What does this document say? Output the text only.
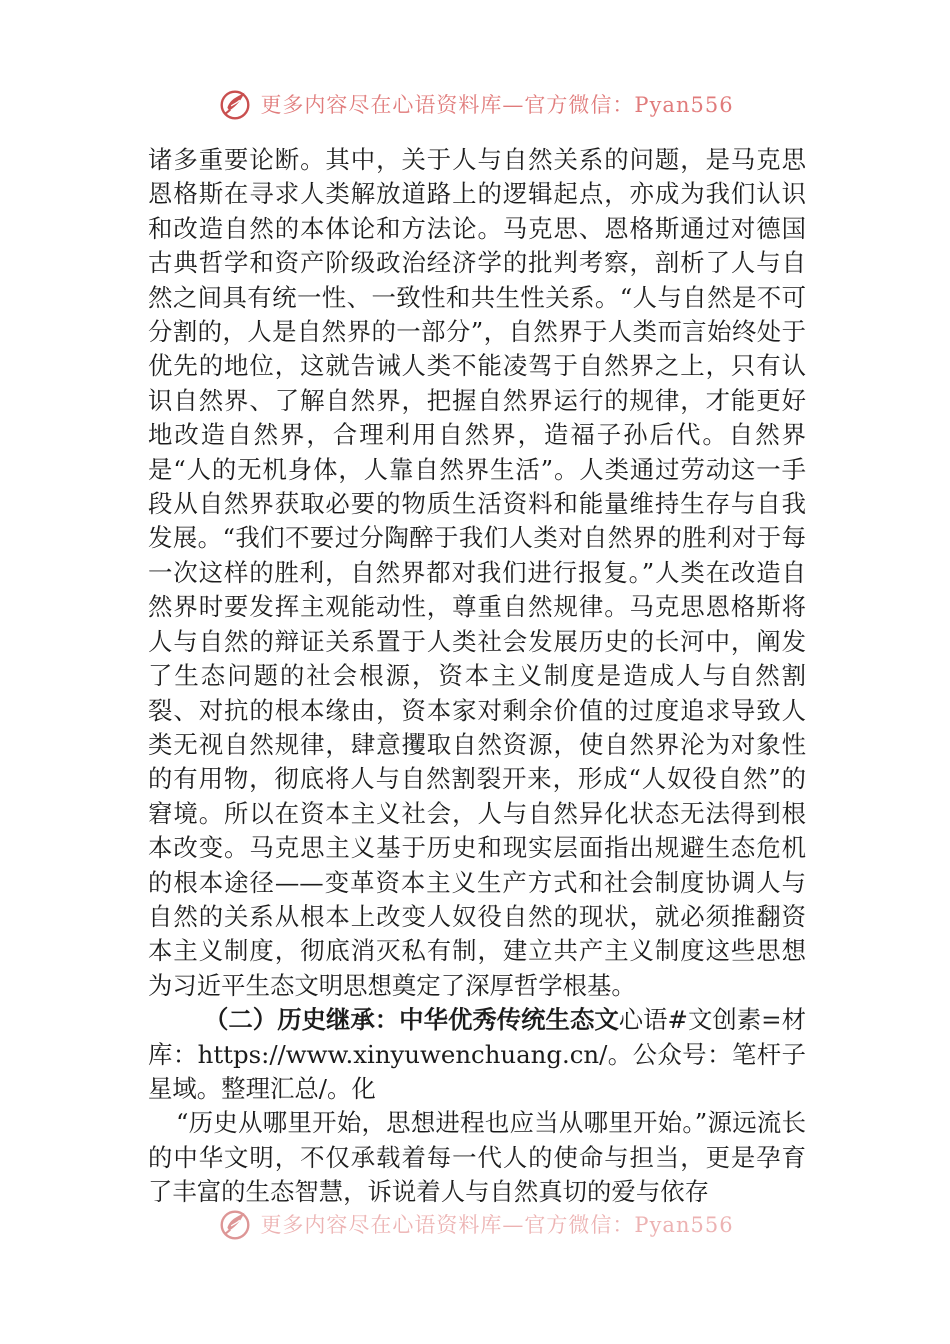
更多内容尽在心语资料库—官方微信：Pyan556

诸多重要论断。其中，关于人与自然关系的问题，是马克思恩格斯在寻求人类解放道路上的逻辑起点，亦成为我们认识和改造自然的本体论和方法论。马克思、恩格斯通过对德国古典哲学和资产阶级政治经济学的批判考察，剖析了人与自然之间具有统一性、一致性和共生性关系。“人与自然是不可分割的，人是自然界的一部分”，自然界于人类而言始终处于优先的地位，这就告诫人类不能凌驾于自然界之上，只有认识自然界、了解自然界，把握自然界运行的规律，才能更好地改造自然界，合理利用自然界，造福子孙后代。自然界是“人的无机身体，人靠自然界生活”。人类通过劳动这一手段从自然界获取必要的物质生活资料和能量维持生存与自我发展。“我们不要过分陶醉于我们人类对自然界的胜利对于每一次这样的胜利，自然界都对我们进行报复。”人类在改造自然界时要发挥主观能动性，尊重自然规律。马克思恩格斯将人与自然的辩证关系置于人类社会发展历史的长河中，阐发了生态问题的社会根源，资本主义制度是造成人与自然割裂、对抗的根本缘由，资本家对剩余价值的过度追求导致人类无视自然规律，肆意攫取自然资源，使自然界沦为对象性的有用物，彻底将人与自然割裂开来，形成“人奴役自然”的窘境。所以在资本主义社会，人与自然异化状态无法得到根本改变。马克思主义基于历史和现实层面指出规避生态危机的根本途径——变革资本主义生产方式和社会制度协调人与自然的关系从根本上改变人奴役自然的现状，就必须推翻资本主义制度，彻底消灭私有制，建立共产主义制度这些思想为习近平生态文明思想奠定了深厚哲学根基。

（二）历史继承：中华优秀传统生态文心语#文创素=材库：https://www.xinyuwenchuang.cn/。公众号：笔杆子星域。整理汇总/。化

“历史从哪里开始，思想进程也应当从哪里开始。”源远流长的中华文明，不仅承载着每一代人的使命与担当，更是孕育了丰富的生态智慧，诉说着人与自然真切的爱与依存

更多内容尽在心语资料库—官方微信：Pyan556
